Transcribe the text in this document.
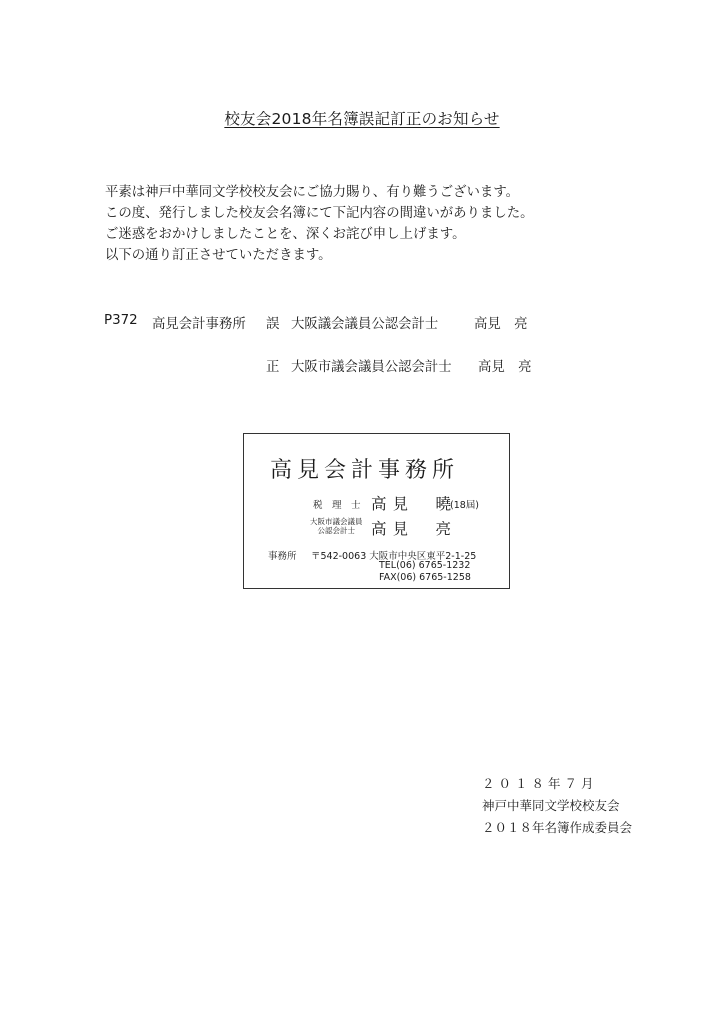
校友会2018年名簿誤記訂正のお知らせ
平素は神戸中華同文学校校友会にご協力賜り、有り難うございます。
この度、発行しました校友会名簿にて下記内容の間違いがありました。
ご迷惑をおかけしましたことを、深くお詫び申し上げます。
以下の通り訂正させていただきます。
P372 高見会計事務所 誤 大阪議会議員公認会計士	高見　亮
正 大阪市議会議員公認会計士 高見　亮
高見会計事務所
税　理　士 高見　曉
(18屆)
大阪市議会議員
公認会計士	高見　亮
事務所 〒542-0063 大阪市中央区東平2-1-25
TEL(06) 6765-1232
FAX(06) 6765-1258
２０１８年７月
神戸中華同文学校校友会
２０１８年名簿作成委員会
